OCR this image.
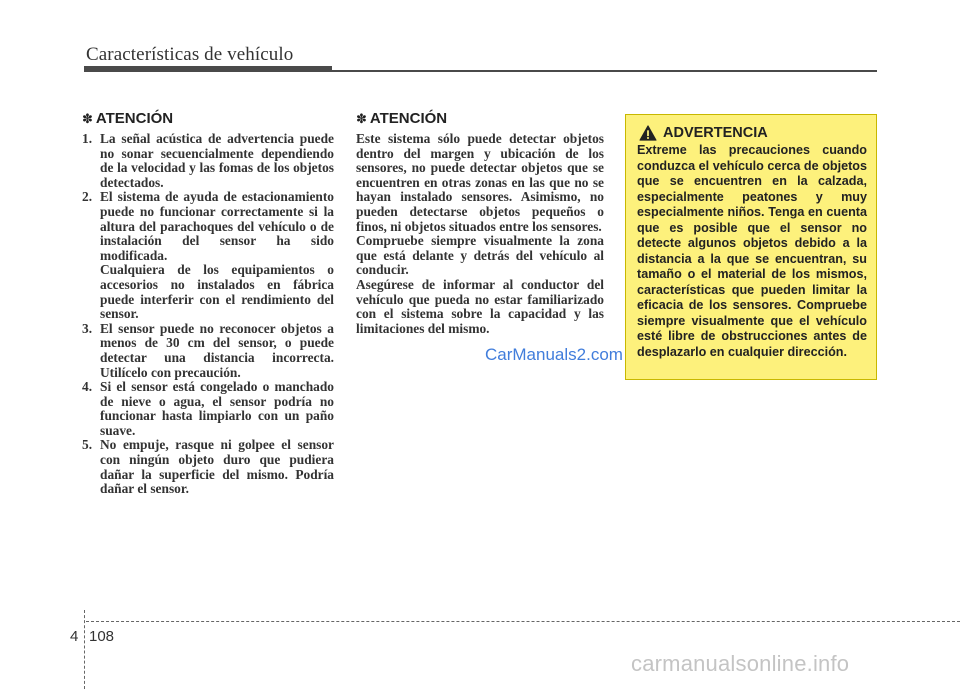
Características de vehículo
✽ ATENCIÓN
1. La señal acústica de advertencia puede no sonar secuencialmente dependiendo de la velocidad y las fomas de los objetos detectados.

2. El sistema de ayuda de estacionamiento puede no funcionar correctamente si la altura del parachoques del vehículo o de instalación del sensor ha sido modificada.

Cualquiera de los equipamientos o accesorios no instalados en fábrica puede interferir con el rendimiento del sensor.

3. El sensor puede no reconocer objetos a menos de 30 cm del sensor, o puede detectar una distancia incorrecta. Utilícelo con precaución.

4. Si el sensor está congelado o manchado de nieve o agua, el sensor podría no funcionar hasta limpiarlo con un paño suave.

5. No empuje, rasque ni golpee el sensor con ningún objeto duro que pudiera dañar la superficie del mismo. Podría dañar el sensor.

✽ ATENCIÓN

Este sistema sólo puede detectar objetos dentro del margen y ubicación de los sensores, no puede detectar objetos que se encuentren en otras zonas en las que no se hayan instalado sensores. Asimismo, no pueden detectarse objetos pequeños o finos, ni objetos situados entre los sensores.

Compruebe siempre visualmente la zona que está delante y detrás del vehículo al conducir.

Asegúrese de informar al conductor del vehículo que pueda no estar familiarizado con el sistema sobre la capacidad y las limitaciones del mismo.

ADVERTENCIA

Extreme las precauciones cuando conduzca el vehículo cerca de objetos que se encuentren en la calzada, especialmente peatones y muy especialmente niños. Tenga en cuenta que es posible que el sensor no detecte algunos objetos debido a la distancia a la que se encuentran, su tamaño o el material de los mismos, características que pueden limitar la eficacia de los sensores. Compruebe siempre visualmente que el vehículo esté libre de obstrucciones antes de desplazarlo en cualquier dirección.

CarManuals2.com
4 108
carmanualsonline.info
